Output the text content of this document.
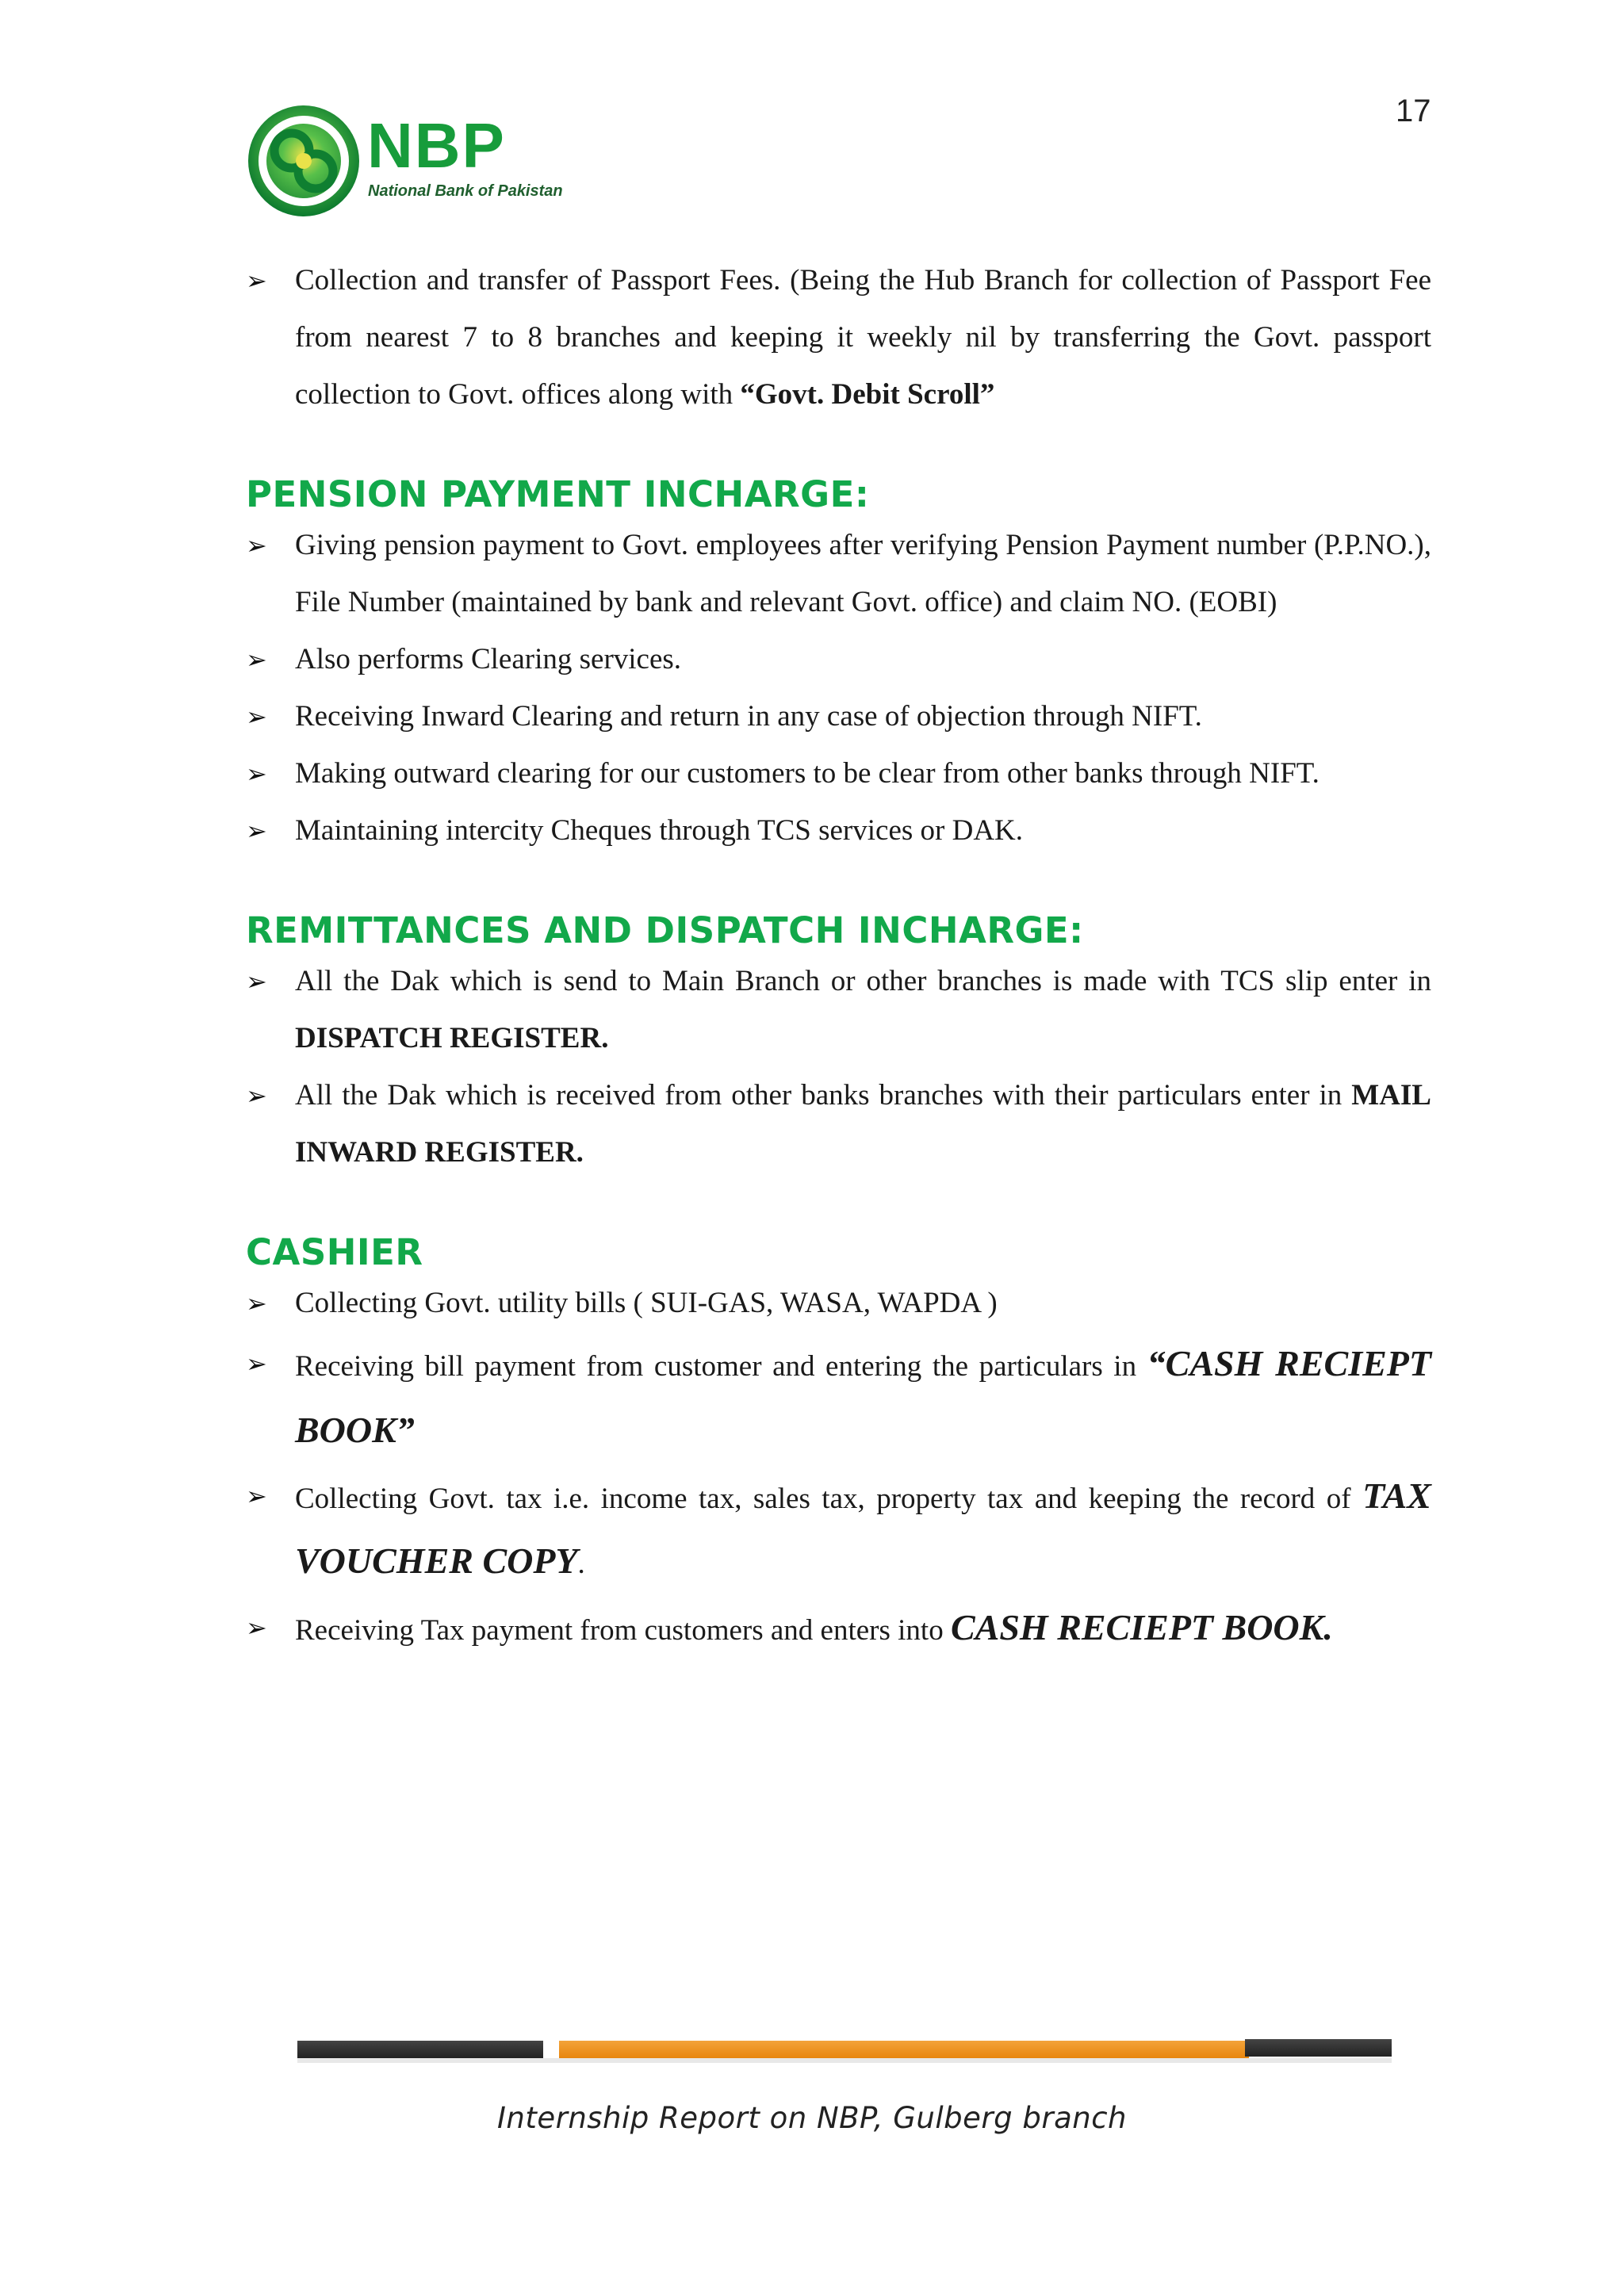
17
NBP
National Bank of Pakistan
➢ Collection and transfer of Passport Fees. (Being the Hub Branch for collection of Passport Fee from nearest 7 to 8 branches and keeping it weekly nil by transferring the Govt. passport collection to Govt. offices along with “Govt. Debit Scroll”
PENSION PAYMENT INCHARGE:
➢ Giving pension payment to Govt. employees after verifying Pension Payment number (P.P.NO.), File Number (maintained by bank and relevant Govt. office) and claim NO. (EOBI)
➢ Also performs Clearing services.
➢ Receiving Inward Clearing and return in any case of objection through NIFT.
➢ Making outward clearing for our customers to be clear from other banks through NIFT.
➢ Maintaining intercity Cheques through TCS services or DAK.
REMITTANCES AND DISPATCH INCHARGE:
➢ All the Dak which is send to Main Branch or other branches is made with TCS slip enter in DISPATCH REGISTER.
➢ All the Dak which is received from other banks branches with their particulars enter in MAIL INWARD REGISTER.
CASHIER
➢ Collecting Govt. utility bills ( SUI-GAS, WASA, WAPDA )
➢ Receiving bill payment from customer and entering the particulars in “CASH RECIEPT BOOK”
➢ Collecting Govt. tax i.e. income tax, sales tax, property tax and keeping the record of TAX VOUCHER COPY.
➢ Receiving Tax payment from customers and enters into CASH RECIEPT BOOK.
Internship Report on NBP, Gulberg branch
